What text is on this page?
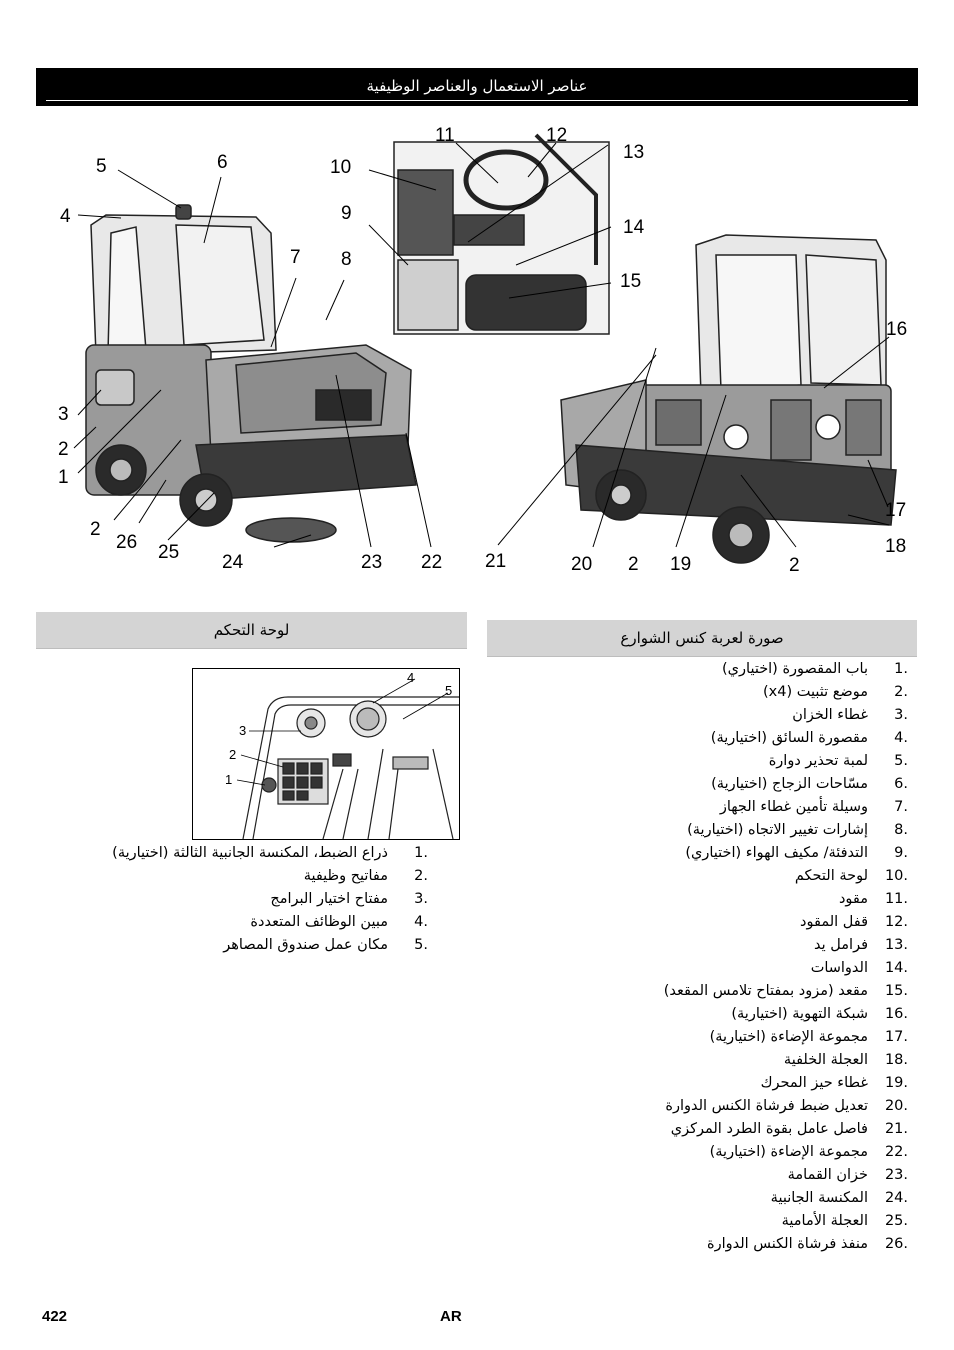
عناصر الاستعمال والعناصر الوظيفية
5	6
4
10
11	12
13
9
14
8
7
15
16
3
2
1
2
26 25 24	23 22 21	20 2 19	2
17
18
صورة لعربة كنس الشوارع
1.باب المقصورة (اختياري)
2.موضع تثبيت (x4)
3.غطاء الخزان
4.مقصورة السائق (اختيارية)
5.لمبة تحذير دوارة
6.مسّاحات الزجاج (اختيارية)
7.وسيلة تأمين غطاء الجهاز
8.إشارات تغيير الاتجاه (اختيارية)
9.التدفئة/ مكيف الهواء (اختياري)
10.لوحة التحكم
11.مقود
12.قفل المقود
13.فرامل يد
14.الدواسات
15.مقعد (مزود بمفتاح تلامس المقعد)
16.شبكة التهوية (اختيارية)
17.مجموعة الإضاءة (اختيارية)
18.العجلة الخلفية
19.غطاء حيز المحرك
20.تعديل ضبط فرشاة الكنس الدوارة
21.فاصل عامل بقوة الطرد المركزي
22.مجموعة الإضاءة (اختيارية)
23.خزان القمامة
24.المكنسة الجانبية
25.العجلة الأمامية
26.منفذ فرشاة الكنس الدوارة
لوحة التحكم
4
5
3
2
1
1.ذراع الضبط، المكنسة الجانبية الثالثة (اختيارية)
2.مفاتيح وظيفية
3.مفتاح اختيار البرامج
4.مبين الوظائف المتعددة
5.مكان عمل صندوق المصاهر
422	AR
